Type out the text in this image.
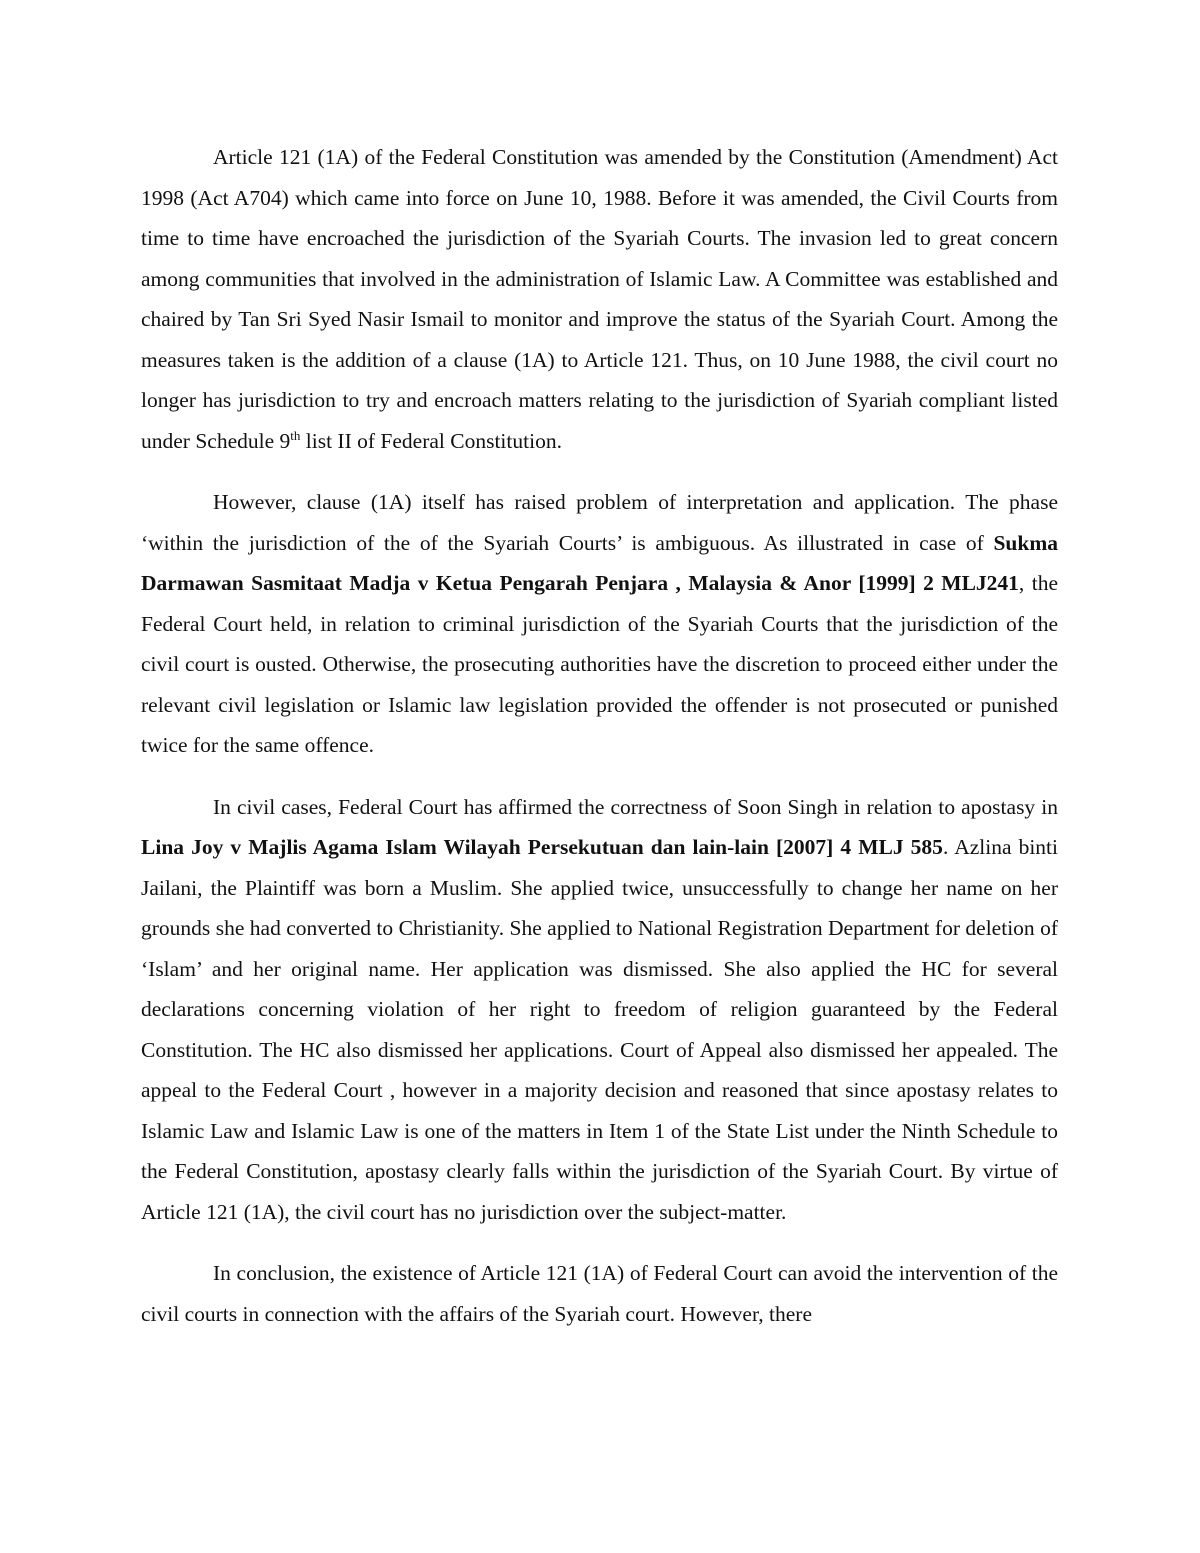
Article 121 (1A) of the Federal Constitution was amended by the Constitution (Amendment) Act 1998 (Act A704) which came into force on June 10, 1988. Before it was amended, the Civil Courts from time to time have encroached the jurisdiction of the Syariah Courts. The invasion led to great concern among communities that involved in the administration of Islamic Law. A Committee was established and chaired by Tan Sri Syed Nasir Ismail to monitor and improve the status of the Syariah Court. Among the measures taken is the addition of a clause (1A) to Article 121. Thus, on 10 June 1988, the civil court no longer has jurisdiction to try and encroach matters relating to the jurisdiction of Syariah compliant listed under Schedule 9th list II of Federal Constitution.

However, clause (1A) itself has raised problem of interpretation and application. The phase ‘within the jurisdiction of the of the Syariah Courts’ is ambiguous. As illustrated in case of Sukma Darmawan Sasmitaat Madja v Ketua Pengarah Penjara , Malaysia & Anor [1999] 2 MLJ241, the Federal Court held, in relation to criminal jurisdiction of the Syariah Courts that the jurisdiction of the civil court is ousted. Otherwise, the prosecuting authorities have the discretion to proceed either under the relevant civil legislation or Islamic law legislation provided the offender is not prosecuted or punished twice for the same offence.

In civil cases, Federal Court has affirmed the correctness of Soon Singh in relation to apostasy in Lina Joy v Majlis Agama Islam Wilayah Persekutuan dan lain-lain [2007] 4 MLJ 585. Azlina binti Jailani, the Plaintiff was born a Muslim. She applied twice, unsuccessfully to change her name on her grounds she had converted to Christianity. She applied to National Registration Department for deletion of ‘Islam’ and her original name. Her application was dismissed. She also applied the HC for several declarations concerning violation of her right to freedom of religion guaranteed by the Federal Constitution. The HC also dismissed her applications. Court of Appeal also dismissed her appealed. The appeal to the Federal Court , however in a majority decision and reasoned that since apostasy relates to Islamic Law and Islamic Law is one of the matters in Item 1 of the State List under the Ninth Schedule to the Federal Constitution, apostasy clearly falls within the jurisdiction of the Syariah Court. By virtue of Article 121 (1A), the civil court has no jurisdiction over the subject-matter.

In conclusion, the existence of Article 121 (1A) of Federal Court can avoid the intervention of the civil courts in connection with the affairs of the Syariah court. However, there
